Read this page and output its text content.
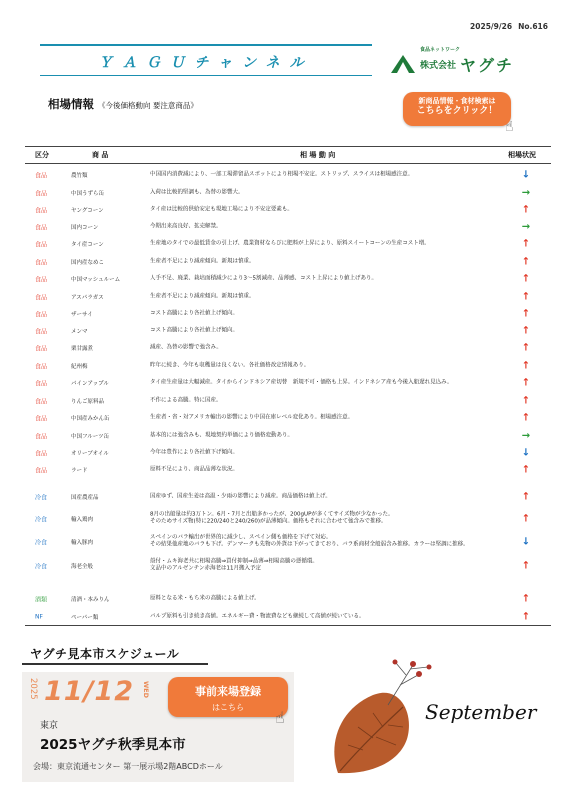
2025/9/26 No.616
ＹＡＧＵチャンネル
食品ネットワーク
株式会社 ヤグチ
相場情報 《今後価格動向 要注意商品》	新商品情報・食材検索は
こちらをクリック！
☝
区分	商 品	相 場 動 向	相場状況
食品	農竹類	中国国内消費減により、一部工場滞留品スポットにより相場不安定。ストリップ、スライスは相場感注意。	↓
食品	中国うずら缶	入荷は比較的堅調も、為替の影響大。	→
食品	ヤングコーン	タイ産は比較的供給安定も現地工場により不安定要素も。	↑
食品	国内コーン	今期出来高良好、拡売解禁。	→
食品	タイ産コーン	生産地のタイでの最低賃金の引上げ、農業資材ならびに肥料が上昇により、原料スイートコーンの生産コスト増。	↑
食品	国内産なめこ	生産者不足により減産傾向。新規は慎重。	↑
食品	中国マッシュルーム	人手不足、廃業、栽培面積減少により3～5割減産、品薄感、コスト上昇により値上げあり。	↑
食品	アスパラガス	生産者不足により減産傾向。新規は慎重。	↑
食品	ザーサイ	コスト高騰により各社値上げ傾向。	↑
食品	メンマ	コスト高騰により各社値上げ傾向。	↑
食品	栗甘露煮	減産、為替の影響で強含み。	↑
食品	紀州梅	昨年に続き、今年も収穫量は良くない。各社価格改定情報あり。	↑
食品	パインアップル	タイ産生産量は大幅減産。タイからインドネシア産切替　新規不可・価格も上昇。インドネシア産も今後入船遅れ見込み。	↑
食品	りんご原料品	不作による高騰。特に国産。	↑
食品	中国産みかん缶	生産者・省・対アメリカ輸出の影響により中国在庫レベル変化あり。相場感注意。	↑
食品	中国フルーツ缶	基本的には強含みも、現地契約単価により価格変動あり。	→
食品	オリーブオイル	今年は豊作により各社値下げ傾向。	↓
食品	ラード	原料不足により、商品品薄な状況。	↑
冷食	国産農産品	国産ゆず、国産生姜は高温・少雨の影響により減産。商品価格は値上げ。	↑
冷食	輸入鶏肉
8月の出船量は約3万トン。6月・7月と出船多かったが、200gUPが多くてサイズ物が少なかった。
そのためサイズ物(特に220/240と240/260)が品薄傾向。価格もそれに合わせて強含みで推移。	↑
冷食	輸入豚肉
スペインのバラ輸出が世界的に減少し、スペイン側も価格を下げて対応。
その結果他産地のバラも下げ。デンマークも先物の外貨は下がってきており、バラ系商材全般弱含み推移。カラーは堅調に推移。	↓
冷食	海老全般
殻付・ムキ海老共に相場高騰⇒買付抑制⇒品薄⇒相場高騰の悪循環。
文品中のアルゼンチン赤海老は11月搬入予定	↑
酒類	清酒・本みりん	原料となる米・もち米の高騰による値上げ。	↑
NF	ペーパー類	パルプ原料も引き続き高値。エネルギー費・物流費なども継続して高値が続いている。	↑
ヤグチ見本市スケジュール
2025 11/12	WED
東京
2025ヤグチ秋季見本市
会場：東京流通センター 第一展示場2階ABCDホール
事前来場登録
はこちら
☝	September
